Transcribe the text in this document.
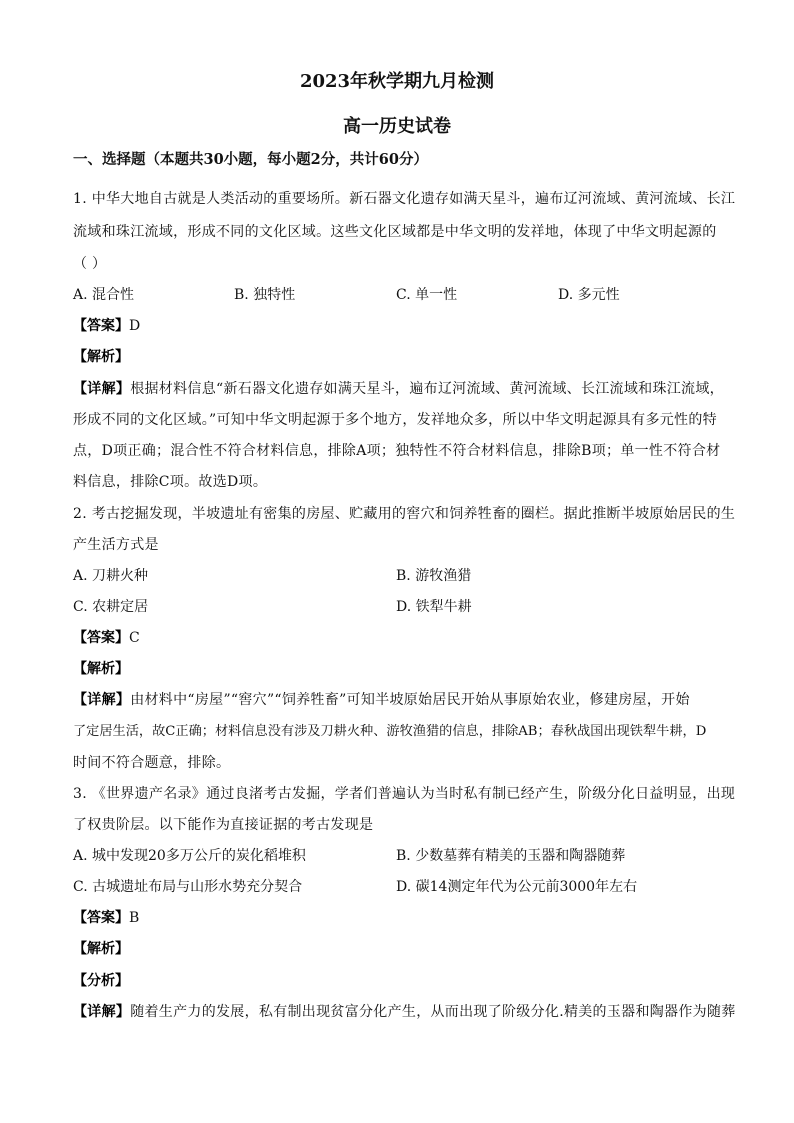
2023年秋学期九月检测
高一历史试卷
一、选择题（本题共30小题，每小题2分，共计60分）
1. 中华大地自古就是人类活动的重要场所。新石器文化遗存如满天星斗，遍布辽河流域、黄河流域、长江
流域和珠江流域，形成不同的文化区域。这些文化区域都是中华文明的发祥地，体现了中华文明起源的
（ ）
A. 混合性	B. 独特性	C. 单一性	D. 多元性
【答案】D
【解析】
【详解】根据材料信息“新石器文化遗存如满天星斗，遍布辽河流域、黄河流域、长江流域和珠江流域，
形成不同的文化区域。”可知中华文明起源于多个地方，发祥地众多，所以中华文明起源具有多元性的特
点，D项正确；混合性不符合材料信息，排除A项；独特性不符合材料信息，排除B项；单一性不符合材
料信息，排除C项。故选D项。
2. 考古挖掘发现，半坡遗址有密集的房屋、贮藏用的窖穴和饲养牲畜的圈栏。据此推断半坡原始居民的生
产生活方式是
A. 刀耕火种	B. 游牧渔猎
C. 农耕定居	D. 铁犁牛耕
【答案】C
【解析】
【详解】由材料中“房屋”“窖穴”“饲养牲畜”可知半坡原始居民开始从事原始农业，修建房屋，开始
了定居生活，故C正确；材料信息没有涉及刀耕火种、游牧渔猎的信息，排除AB；春秋战国出现铁犁牛耕，D
时间不符合题意，排除。
3. 《世界遗产名录》通过良渚考古发掘，学者们普遍认为当时私有制已经产生，阶级分化日益明显，出现
了权贵阶层。以下能作为直接证据的考古发现是
A. 城中发现20多万公斤的炭化稻堆积	B. 少数墓葬有精美的玉器和陶器随葬
C. 古城遗址布局与山形水势充分契合	D. 碳14测定年代为公元前3000年左右
【答案】B
【解析】
【分析】
【详解】随着生产力的发展，私有制出现贫富分化产生，从而出现了阶级分化.精美的玉器和陶器作为随葬
